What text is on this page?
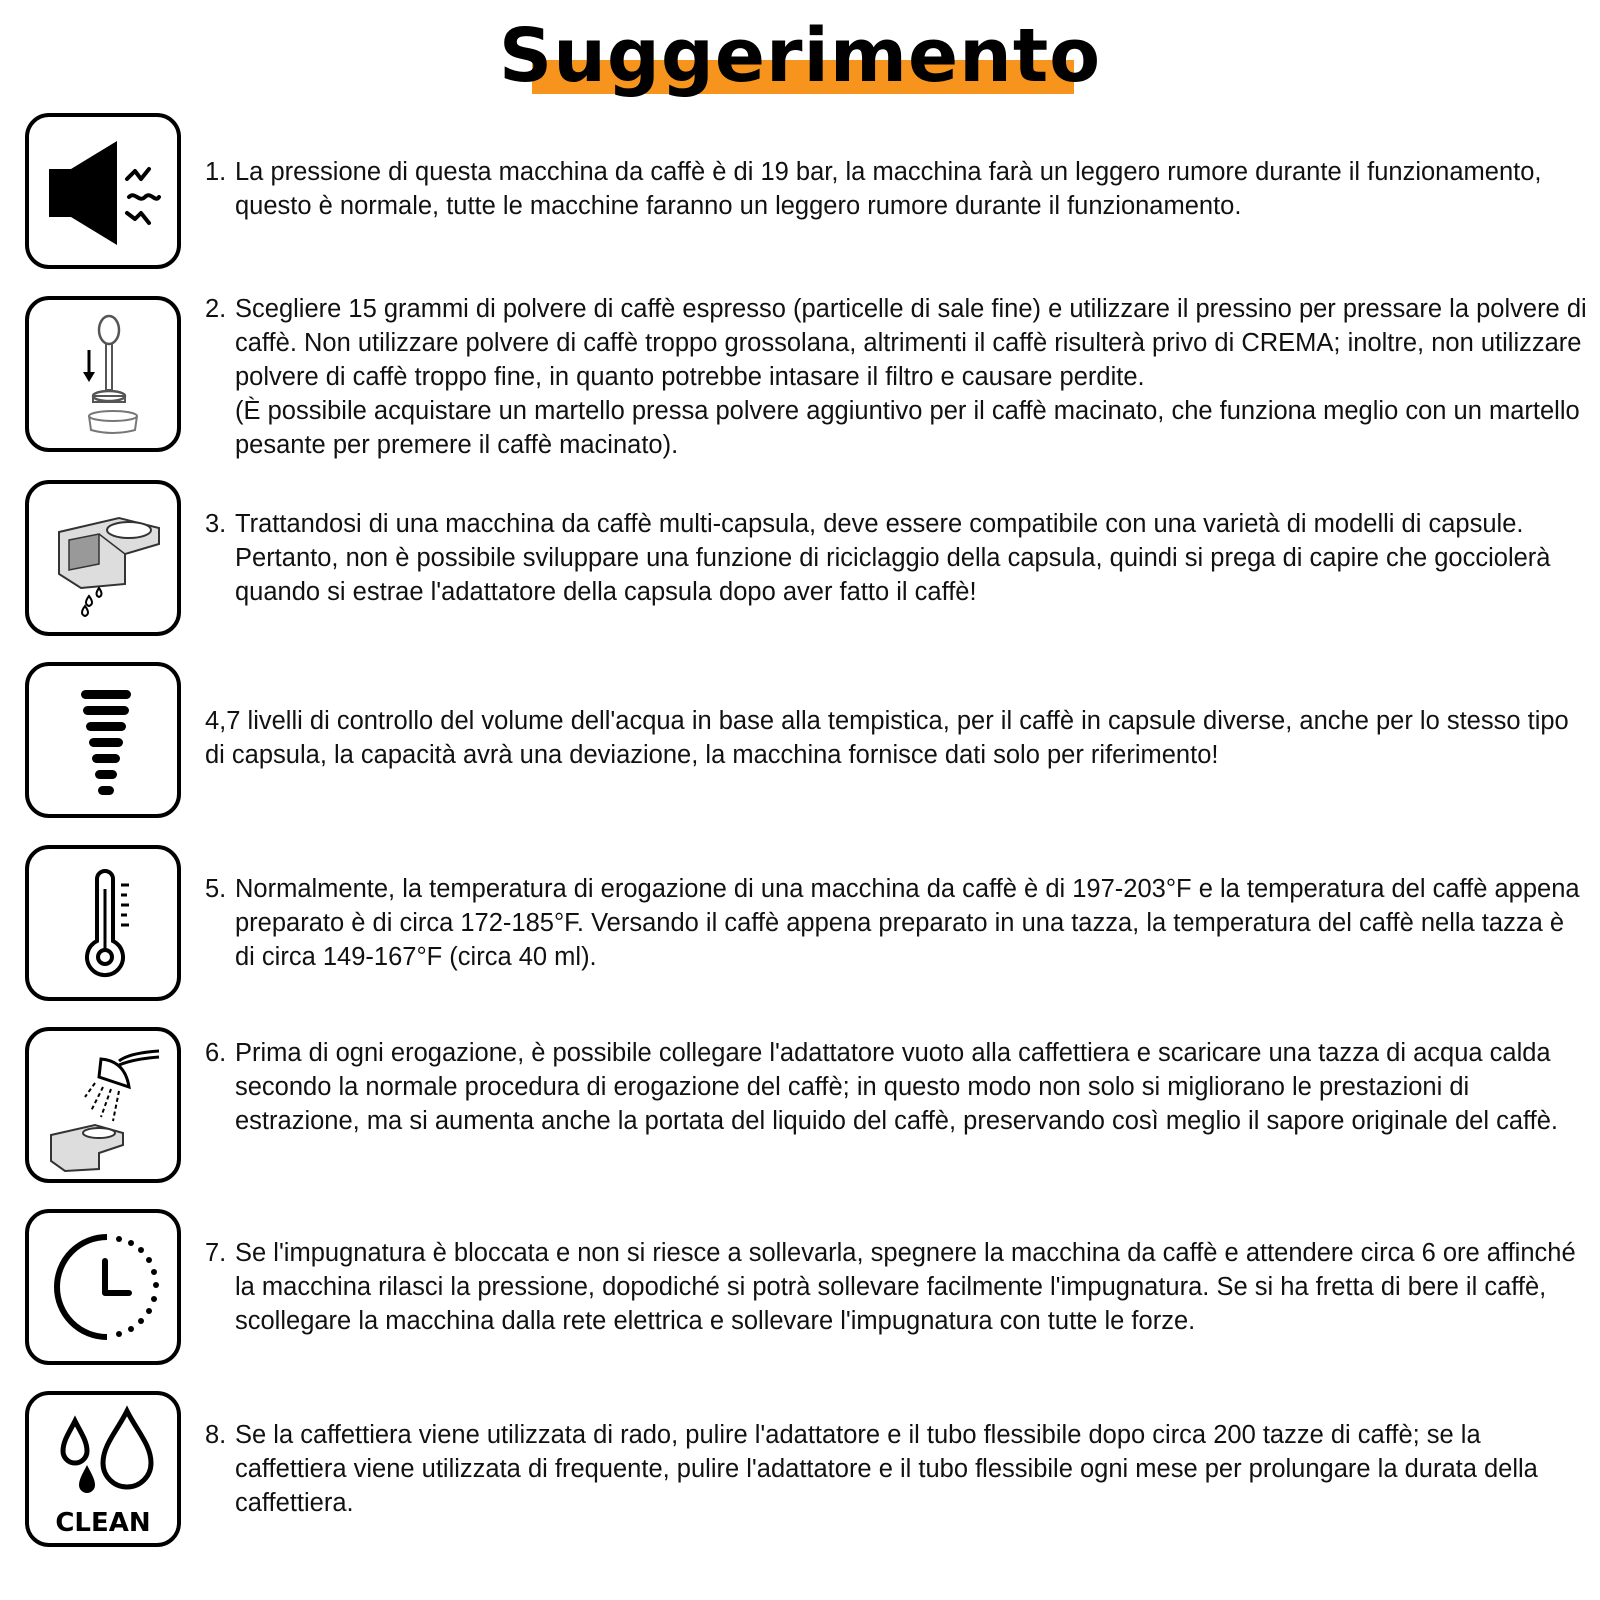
Suggerimento
1. La pressione di questa macchina da caffè è di 19 bar, la macchina farà un leggero rumore durante il funzionamento, questo è normale, tutte le macchine faranno un leggero rumore durante il funzionamento.
2. Scegliere 15 grammi di polvere di caffè espresso (particelle di sale fine) e utilizzare il pressino per pressare la polvere di caffè. Non utilizzare polvere di caffè troppo grossolana, altrimenti il caffè risulterà privo di CREMA; inoltre, non utilizzare polvere di caffè troppo fine, in quanto potrebbe intasare il filtro e causare perdite.
(È possibile acquistare un martello pressa polvere aggiuntivo per il caffè macinato, che funziona meglio con un martello pesante per premere il caffè macinato).
3. Trattandosi di una macchina da caffè multi-capsula, deve essere compatibile con una varietà di modelli di capsule. Pertanto, non è possibile sviluppare una funzione di riciclaggio della capsula, quindi si prega di capire che gocciolerà quando si estrae l'adattatore della capsula dopo aver fatto il caffè!
4,7 livelli di controllo del volume dell'acqua in base alla tempistica, per il caffè in capsule diverse, anche per lo stesso tipo di capsula, la capacità avrà una deviazione, la macchina fornisce dati solo per riferimento!
5. Normalmente, la temperatura di erogazione di una macchina da caffè è di 197-203°F e la temperatura del caffè appena preparato è di circa 172-185°F. Versando il caffè appena preparato in una tazza, la temperatura del caffè nella tazza è di circa 149-167°F (circa 40 ml).
6. Prima di ogni erogazione, è possibile collegare l'adattatore vuoto alla caffettiera e scaricare una tazza di acqua calda secondo la normale procedura di erogazione del caffè; in questo modo non solo si migliorano le prestazioni di estrazione, ma si aumenta anche la portata del liquido del caffè, preservando così meglio il sapore originale del caffè.
7. Se l'impugnatura è bloccata e non si riesce a sollevarla, spegnere la macchina da caffè e attendere circa 6 ore affinché la macchina rilasci la pressione, dopodiché si potrà sollevare facilmente l'impugnatura. Se si ha fretta di bere il caffè, scollegare la macchina dalla rete elettrica e sollevare l'impugnatura con tutte le forze.
CLEAN
8. Se la caffettiera viene utilizzata di rado, pulire l'adattatore e il tubo flessibile dopo circa 200 tazze di caffè; se la caffettiera viene utilizzata di frequente, pulire l'adattatore e il tubo flessibile ogni mese per prolungare la durata della caffettiera.
